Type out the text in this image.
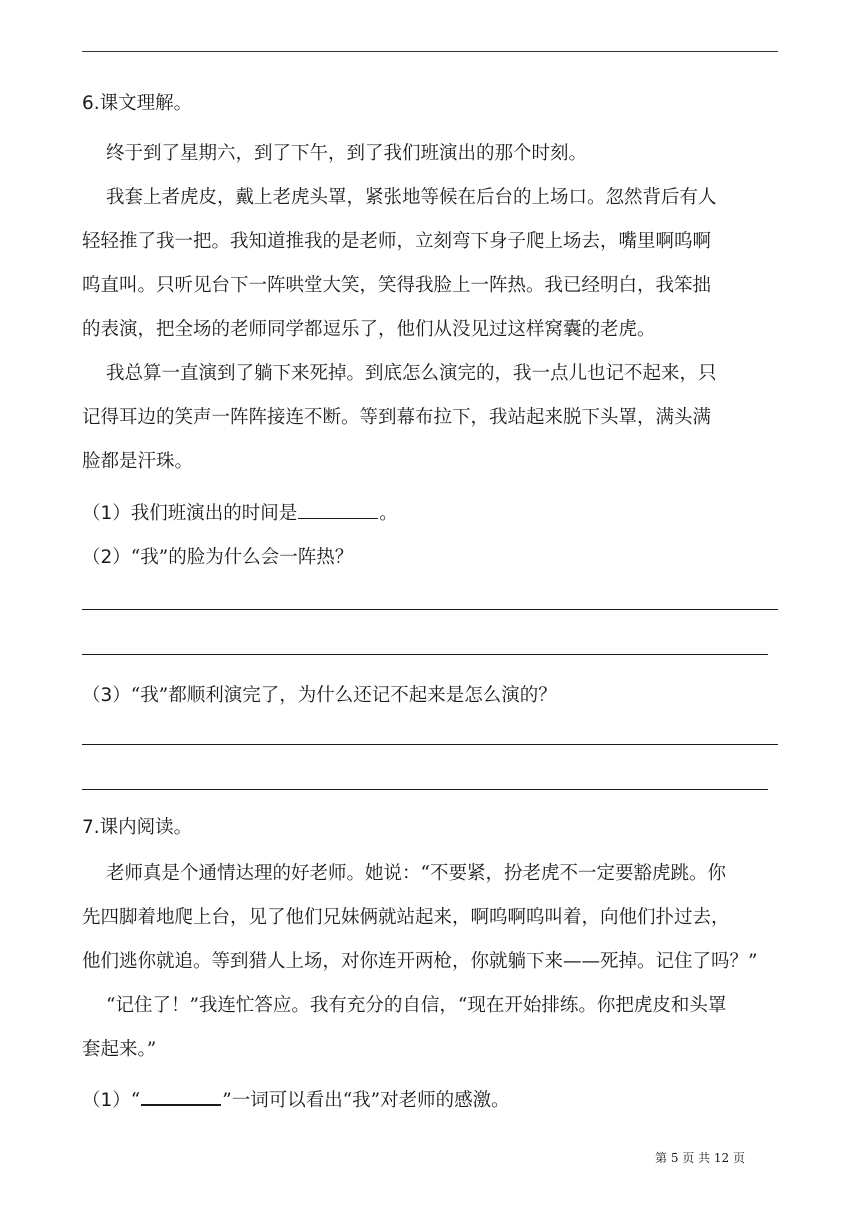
6.课文理解。
终于到了星期六，到了下午，到了我们班演出的那个时刻。
我套上者虎皮，戴上老虎头罩，紧张地等候在后台的上场口。忽然背后有人
轻轻推了我一把。我知道推我的是老师，立刻弯下身子爬上场去，嘴里啊呜啊
呜直叫。只听见台下一阵哄堂大笑，笑得我脸上一阵热。我已经明白，我笨拙
的表演，把全场的老师同学都逗乐了，他们从没见过这样窝囊的老虎。
我总算一直演到了躺下来死掉。到底怎么演完的，我一点儿也记不起来，只
记得耳边的笑声一阵阵接连不断。等到幕布拉下，我站起来脱下头罩，满头满
脸都是汗珠。
（1）我们班演出的时间是	。
（2）“我”的脸为什么会一阵热？
（3）“我”都顺利演完了，为什么还记不起来是怎么演的？
7.课内阅读。
老师真是个通情达理的好老师。她说：“不要紧，扮老虎不一定要豁虎跳。你
先四脚着地爬上台，见了他们兄妹俩就站起来，啊呜啊呜叫着，向他们扑过去，
他们逃你就追。等到猎人上场，对你连开两枪，你就躺下来——死掉。记住了吗？”
“记住了！”我连忙答应。我有充分的自信，“现在开始排练。你把虎皮和头罩
套起来。”
（1）“	”一词可以看出“我”对老师的感激。
第 5 页 共 12 页
